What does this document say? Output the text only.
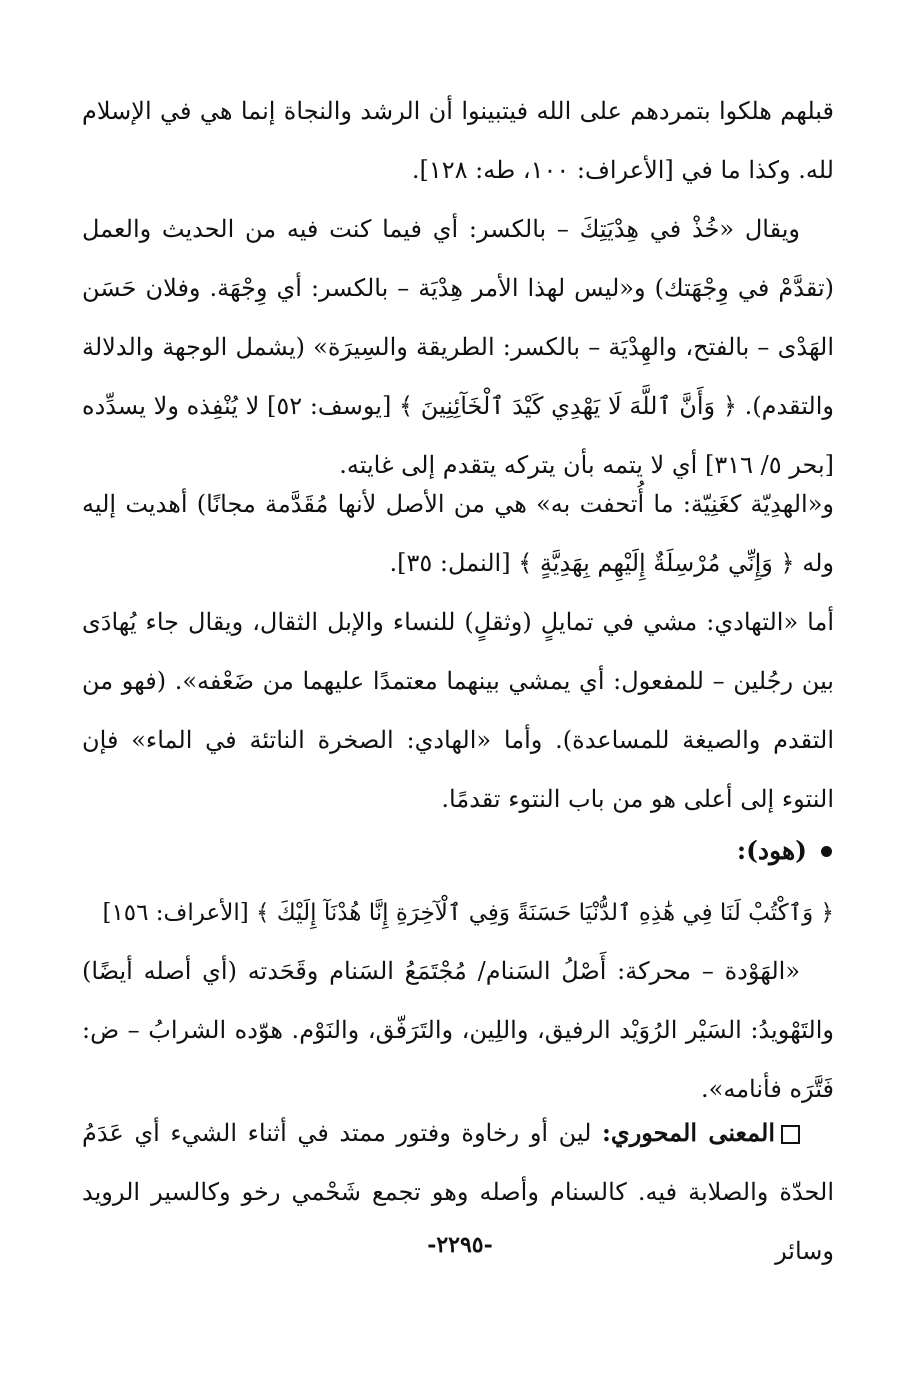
قبلهم هلكوا بتمردهم على الله فيتبينوا أن الرشد والنجاة إنما هي في الإسلام لله. وكذا ما في [الأعراف: ١٠٠، طه: ١٢٨].

ويقال «خُذْ في هِدْيَتِكَ – بالكسر: أي فيما كنت فيه من الحديث والعمل (تقدَّمْ في وِجْهَتك) و«ليس لهذا الأمر هِدْيَة – بالكسر: أي وِجْهَة. وفلان حَسَن الهَدْى – بالفتح، والهِدْيَة – بالكسر: الطريقة والسِيرَة» (يشمل الوجهة والدلالة والتقدم). ﴿ وَأَنَّ ٱللَّهَ لَا يَهْدِي كَيْدَ ٱلْخَآئِنِينَ ﴾ [يوسف: ٥٢] لا يُنْفِذه ولا يسدِّده [بحر ٥/ ٣١٦] أي لا يتمه بأن يتركه يتقدم إلى غايته.

و«الهدِيّة كغَنِيّة: ما أُتحفت به» هي من الأصل لأنها مُقَدَّمة مجانًا) أهديت إليه وله ﴿ وَإِنِّي مُرْسِلَةٌ إِلَيْهِم بِهَدِيَّةٍ ﴾ [النمل: ٣٥].

أما «التهادي: مشي في تمايلٍ (وثقلٍ) للنساء والإبل الثقال، ويقال جاء يُهادَى بين رجُلين – للمفعول: أي يمشي بينهما معتمدًا عليهما من ضَعْفه». (فهو من التقدم والصيغة للمساعدة). وأما «الهادي: الصخرة الناتئة في الماء» فإن النتوء إلى أعلى هو من باب النتوء تقدمًا.

(هود):

﴿ وَٱكْتُبْ لَنَا فِي هَٰذِهِ ٱلدُّنْيَا حَسَنَةً وَفِي ٱلْآخِرَةِ إِنَّا هُدْنَآ إِلَيْكَ ﴾ [الأعراف: ١٥٦]

«الهَوْدة – محركة: أَصْلُ السَنام/ مُجْتَمَعُ السَنام وقَحَدته (أي أصله أيضًا) والتَهْويدُ: السَيْر الرُوَيْد الرفيق، واللِين، والتَرَفّق، والنَوْم. هوّده الشرابُ – ض: فَتَّرَه فأنامه».

المعنى المحوري: لين أو رخاوة وفتور ممتد في أثناء الشيء أي عَدَمُ الحدّة والصلابة فيه. كالسنام وأصله وهو تجمع شَحْمي رخو وكالسير الرويد وسائر

-٢٢٩٥-
